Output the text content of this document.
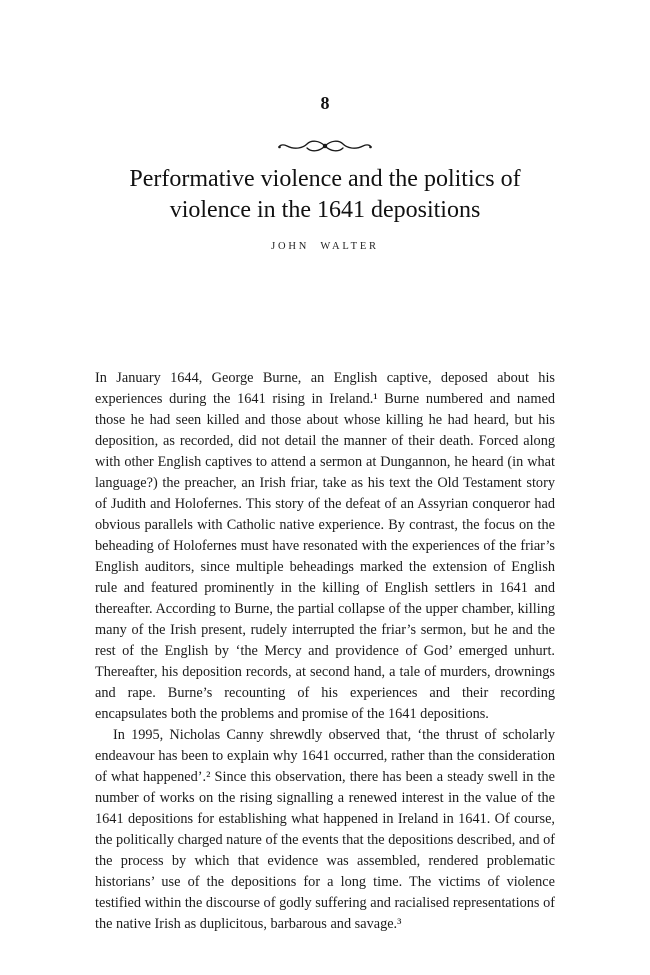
8
Performative violence and the politics of
violence in the 1641 depositions
JOHN WALTER

In January 1644, George Burne, an English captive, deposed about his experiences during the 1641 rising in Ireland.¹ Burne numbered and named those he had seen killed and those about whose killing he had heard, but his deposition, as recorded, did not detail the manner of their death. Forced along with other English captives to attend a sermon at Dungannon, he heard (in what language?) the preacher, an Irish friar, take as his text the Old Testament story of Judith and Holofernes. This story of the defeat of an Assyrian conqueror had obvious parallels with Catholic native experience. By contrast, the focus on the beheading of Holofernes must have resonated with the experiences of the friar’s English auditors, since multiple beheadings marked the extension of English rule and featured prominently in the killing of English settlers in 1641 and thereafter. According to Burne, the partial collapse of the upper chamber, killing many of the Irish present, rudely interrupted the friar’s sermon, but he and the rest of the English by ‘the Mercy and providence of God’ emerged unhurt. Thereafter, his deposition records, at second hand, a tale of murders, drownings and rape. Burne’s recounting of his experiences and their recording encapsulates both the problems and promise of the 1641 depositions.

In 1995, Nicholas Canny shrewdly observed that, ‘the thrust of scholarly endeavour has been to explain why 1641 occurred, rather than the consideration of what happened’.² Since this observation, there has been a steady swell in the number of works on the rising signalling a renewed interest in the value of the 1641 depositions for establishing what happened in Ireland in 1641. Of course, the politically charged nature of the events that the depositions described, and of the process by which that evidence was assembled, rendered problematic historians’ use of the depositions for a long time. The victims of violence testified within the discourse of godly suffering and racialised representations of the native Irish as duplicitous, barbarous and savage.³
